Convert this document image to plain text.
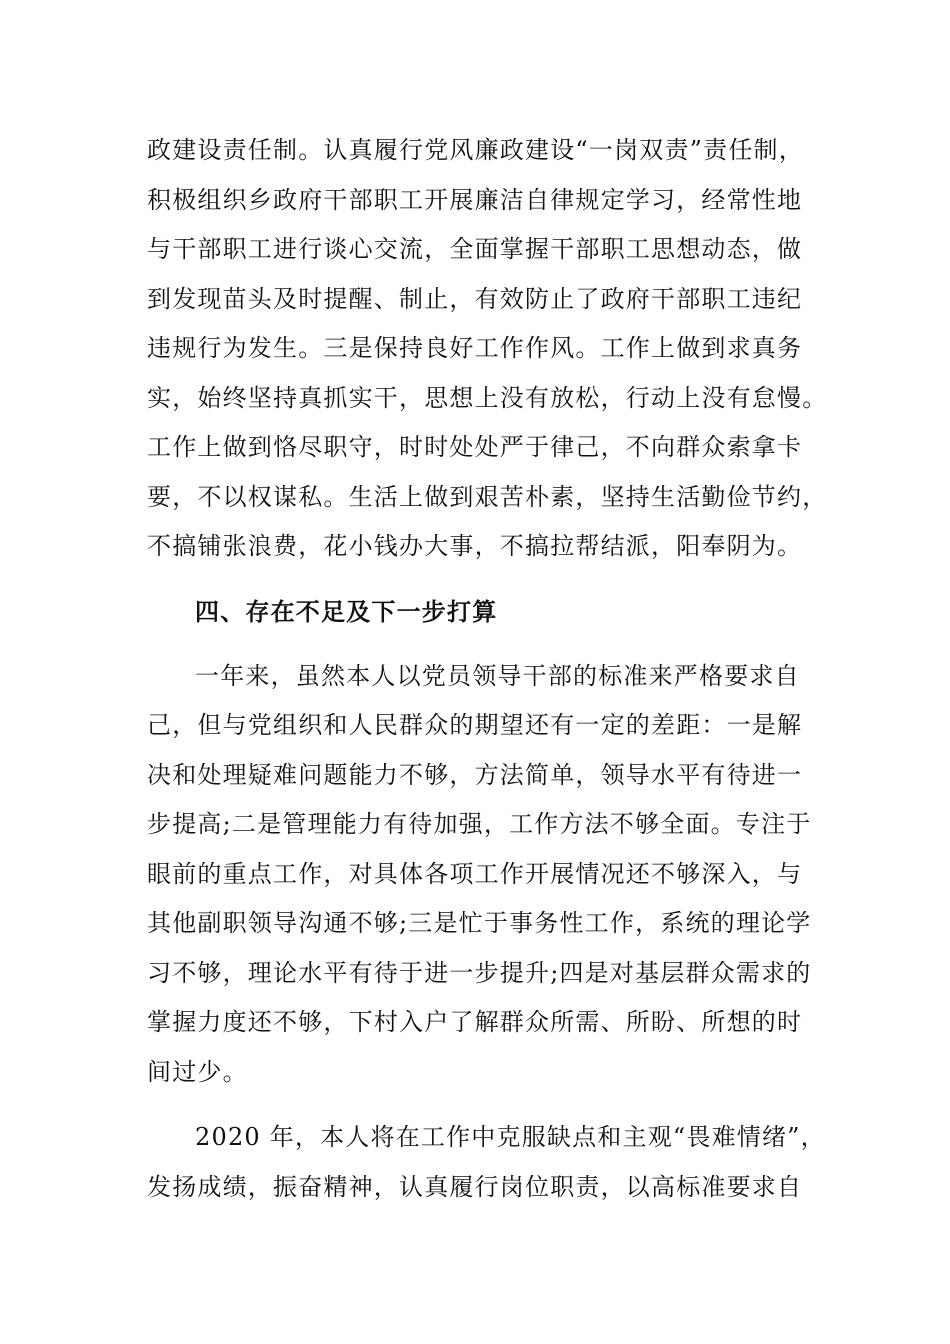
政建设责任制。认真履行党风廉政建设“一岗双责”责任制，
积极组织乡政府干部职工开展廉洁自律规定学习，经常性地
与干部职工进行谈心交流，全面掌握干部职工思想动态，做
到发现苗头及时提醒、制止，有效防止了政府干部职工违纪
违规行为发生。三是保持良好工作作风。工作上做到求真务
实，始终坚持真抓实干，思想上没有放松，行动上没有怠慢。
工作上做到恪尽职守，时时处处严于律己，不向群众索拿卡
要，不以权谋私。生活上做到艰苦朴素，坚持生活勤俭节约，
不搞铺张浪费，花小钱办大事，不搞拉帮结派，阳奉阴为。
四、存在不足及下一步打算
一年来，虽然本人以党员领导干部的标准来严格要求自
己，但与党组织和人民群众的期望还有一定的差距：一是解
决和处理疑难问题能力不够，方法简单，领导水平有待进一
步提高;二是管理能力有待加强，工作方法不够全面。专注于
眼前的重点工作，对具体各项工作开展情况还不够深入，与
其他副职领导沟通不够;三是忙于事务性工作，系统的理论学
习不够，理论水平有待于进一步提升;四是对基层群众需求的
掌握力度还不够，下村入户了解群众所需、所盼、所想的时
间过少。
2020 年，本人将在工作中克服缺点和主观“畏难情绪”，
发扬成绩，振奋精神，认真履行岗位职责，以高标准要求自
